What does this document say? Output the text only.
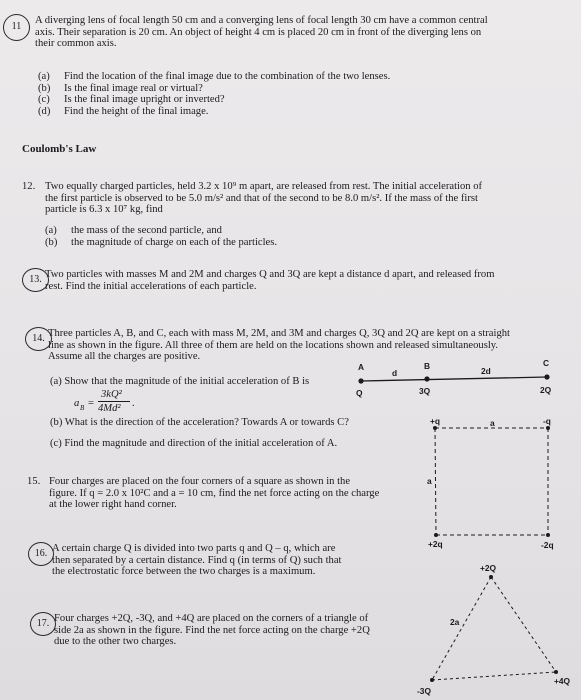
11

A diverging lens of focal length 50 cm and a converging lens of focal length 30 cm have a common central

axis. Their separation is 20 cm. An object of height 4 cm is placed 20 cm in front of the diverging lens on

their common axis.

(a)	Find the location of the final image due to the combination of the two lenses.
(b)	Is the final image real or virtual?
(c)	Is the final image upright or inverted?
(d)	Find the height of the final image.
Coulomb's Law
12. Two equally charged particles, held 3.2 x 10⁹ m apart, are released from rest. The initial acceleration of

the first particle is observed to be 5.0 m/s² and that of the second to be 8.0 m/s². If the mass of the first

particle is 6.3 x 10⁷ kg, find

(a)	the mass of the second particle, and
(b)	the magnitude of charge on each of the particles.
13. Two particles with masses M and 2M and charges Q and 3Q are kept a distance d apart, and released from

rest. Find the initial accelerations of each particle.

14. Three particles A, B, and C, each with mass M, 2M, and 3M and charges Q, 3Q and 2Q are kept on a straight

line as shown in the figure. All three of them are held on the locations shown and released simultaneously.

Assume all the charges are positive.

(a) Show that the magnitude of the initial acceleration of B is
a B =
3kQ²
4Md² .
(b) What is the direction of the acceleration? Towards A or towards C?
(c) Find the magnitude and direction of the initial acceleration of A.
A
d
B	2d
C
Q	3Q	2Q
15. Four charges are placed on the four corners of a square as shown in the

figure. If q = 2.0 x 10²C and a = 10 cm, find the net force acting on the charge

at the lower right hand corner.

+q	a	-q
a
+2q	-2q
16. A certain charge Q is divided into two parts q and Q – q, which are

then separated by a certain distance. Find q (in terms of Q) such that

the electrostatic force between the two charges is a maximum.

17. Four charges +2Q, -3Q, and +4Q are placed on the corners of a triangle of

side 2a as shown in the figure. Find the net force acting on the charge +2Q

due to the other two charges.

+2Q
2a
-3Q
+4Q
